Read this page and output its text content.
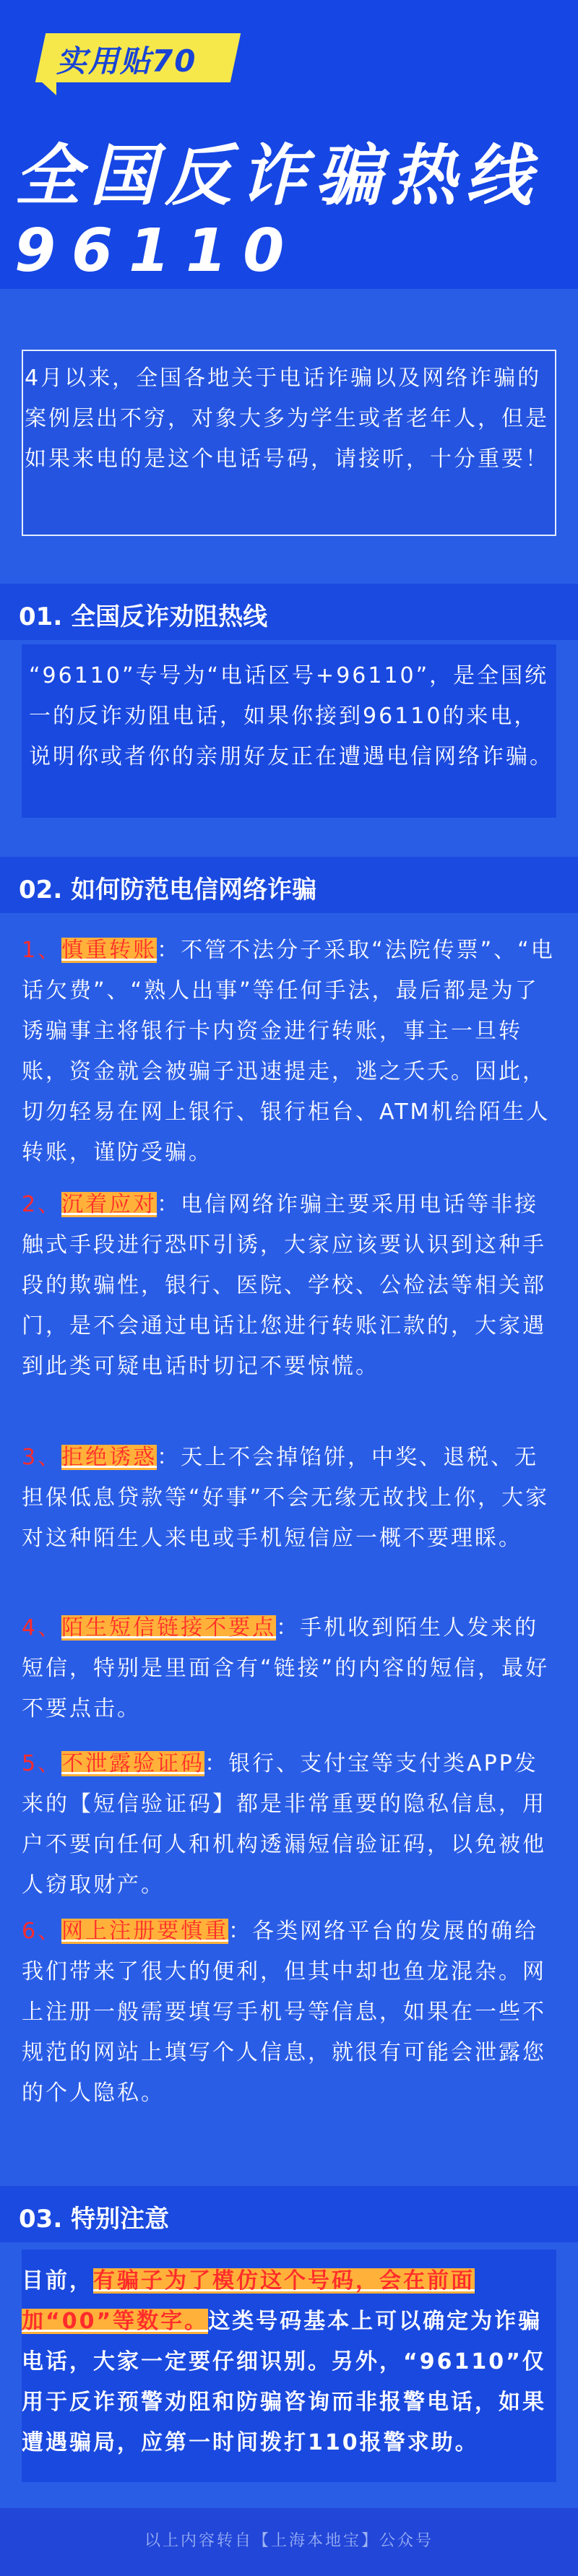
实用贴70
全国反诈骗热线
96110

4月以来，全国各地关于电话诈骗以及网络诈骗的案例层出不穷，对象大多为学生或者老年人，但是如果来电的是这个电话号码，请接听，十分重要！

01. 全国反诈劝阻热线

“96110”专号为“电话区号+96110”，是全国统一的反诈劝阻电话，如果你接到96110的来电，说明你或者你的亲朋好友正在遭遇电信网络诈骗。

02. 如何防范电信网络诈骗

1、慎重转账：不管不法分子采取“法院传票”、“电话欠费”、“熟人出事”等任何手法，最后都是为了诱骗事主将银行卡内资金进行转账，事主一旦转账，资金就会被骗子迅速提走，逃之夭夭。因此，切勿轻易在网上银行、银行柜台、ATM机给陌生人转账，谨防受骗。

2、沉着应对：电信网络诈骗主要采用电话等非接触式手段进行恐吓引诱，大家应该要认识到这种手段的欺骗性，银行、医院、学校、公检法等相关部门，是不会通过电话让您进行转账汇款的，大家遇到此类可疑电话时切记不要惊慌。

3、拒绝诱惑：天上不会掉馅饼，中奖、退税、无担保低息贷款等“好事”不会无缘无故找上你，大家对这种陌生人来电或手机短信应一概不要理睬。

4、陌生短信链接不要点：手机收到陌生人发来的短信，特别是里面含有“链接”的内容的短信，最好不要点击。

5、不泄露验证码：银行、支付宝等支付类APP发来的【短信验证码】都是非常重要的隐私信息，用户不要向任何人和机构透漏短信验证码，以免被他人窃取财产。

6、网上注册要慎重：各类网络平台的发展的确给我们带来了很大的便利，但其中却也鱼龙混杂。网上注册一般需要填写手机号等信息，如果在一些不规范的网站上填写个人信息，就很有可能会泄露您的个人隐私。

03. 特别注意

目前，有骗子为了模仿这个号码，会在前面加“00”等数字。这类号码基本上可以确定为诈骗电话，大家一定要仔细识别。另外，“96110”仅用于反诈预警劝阻和防骗咨询而非报警电话，如果遭遇骗局，应第一时间拨打110报警求助。

以上内容转自【上海本地宝】公众号
